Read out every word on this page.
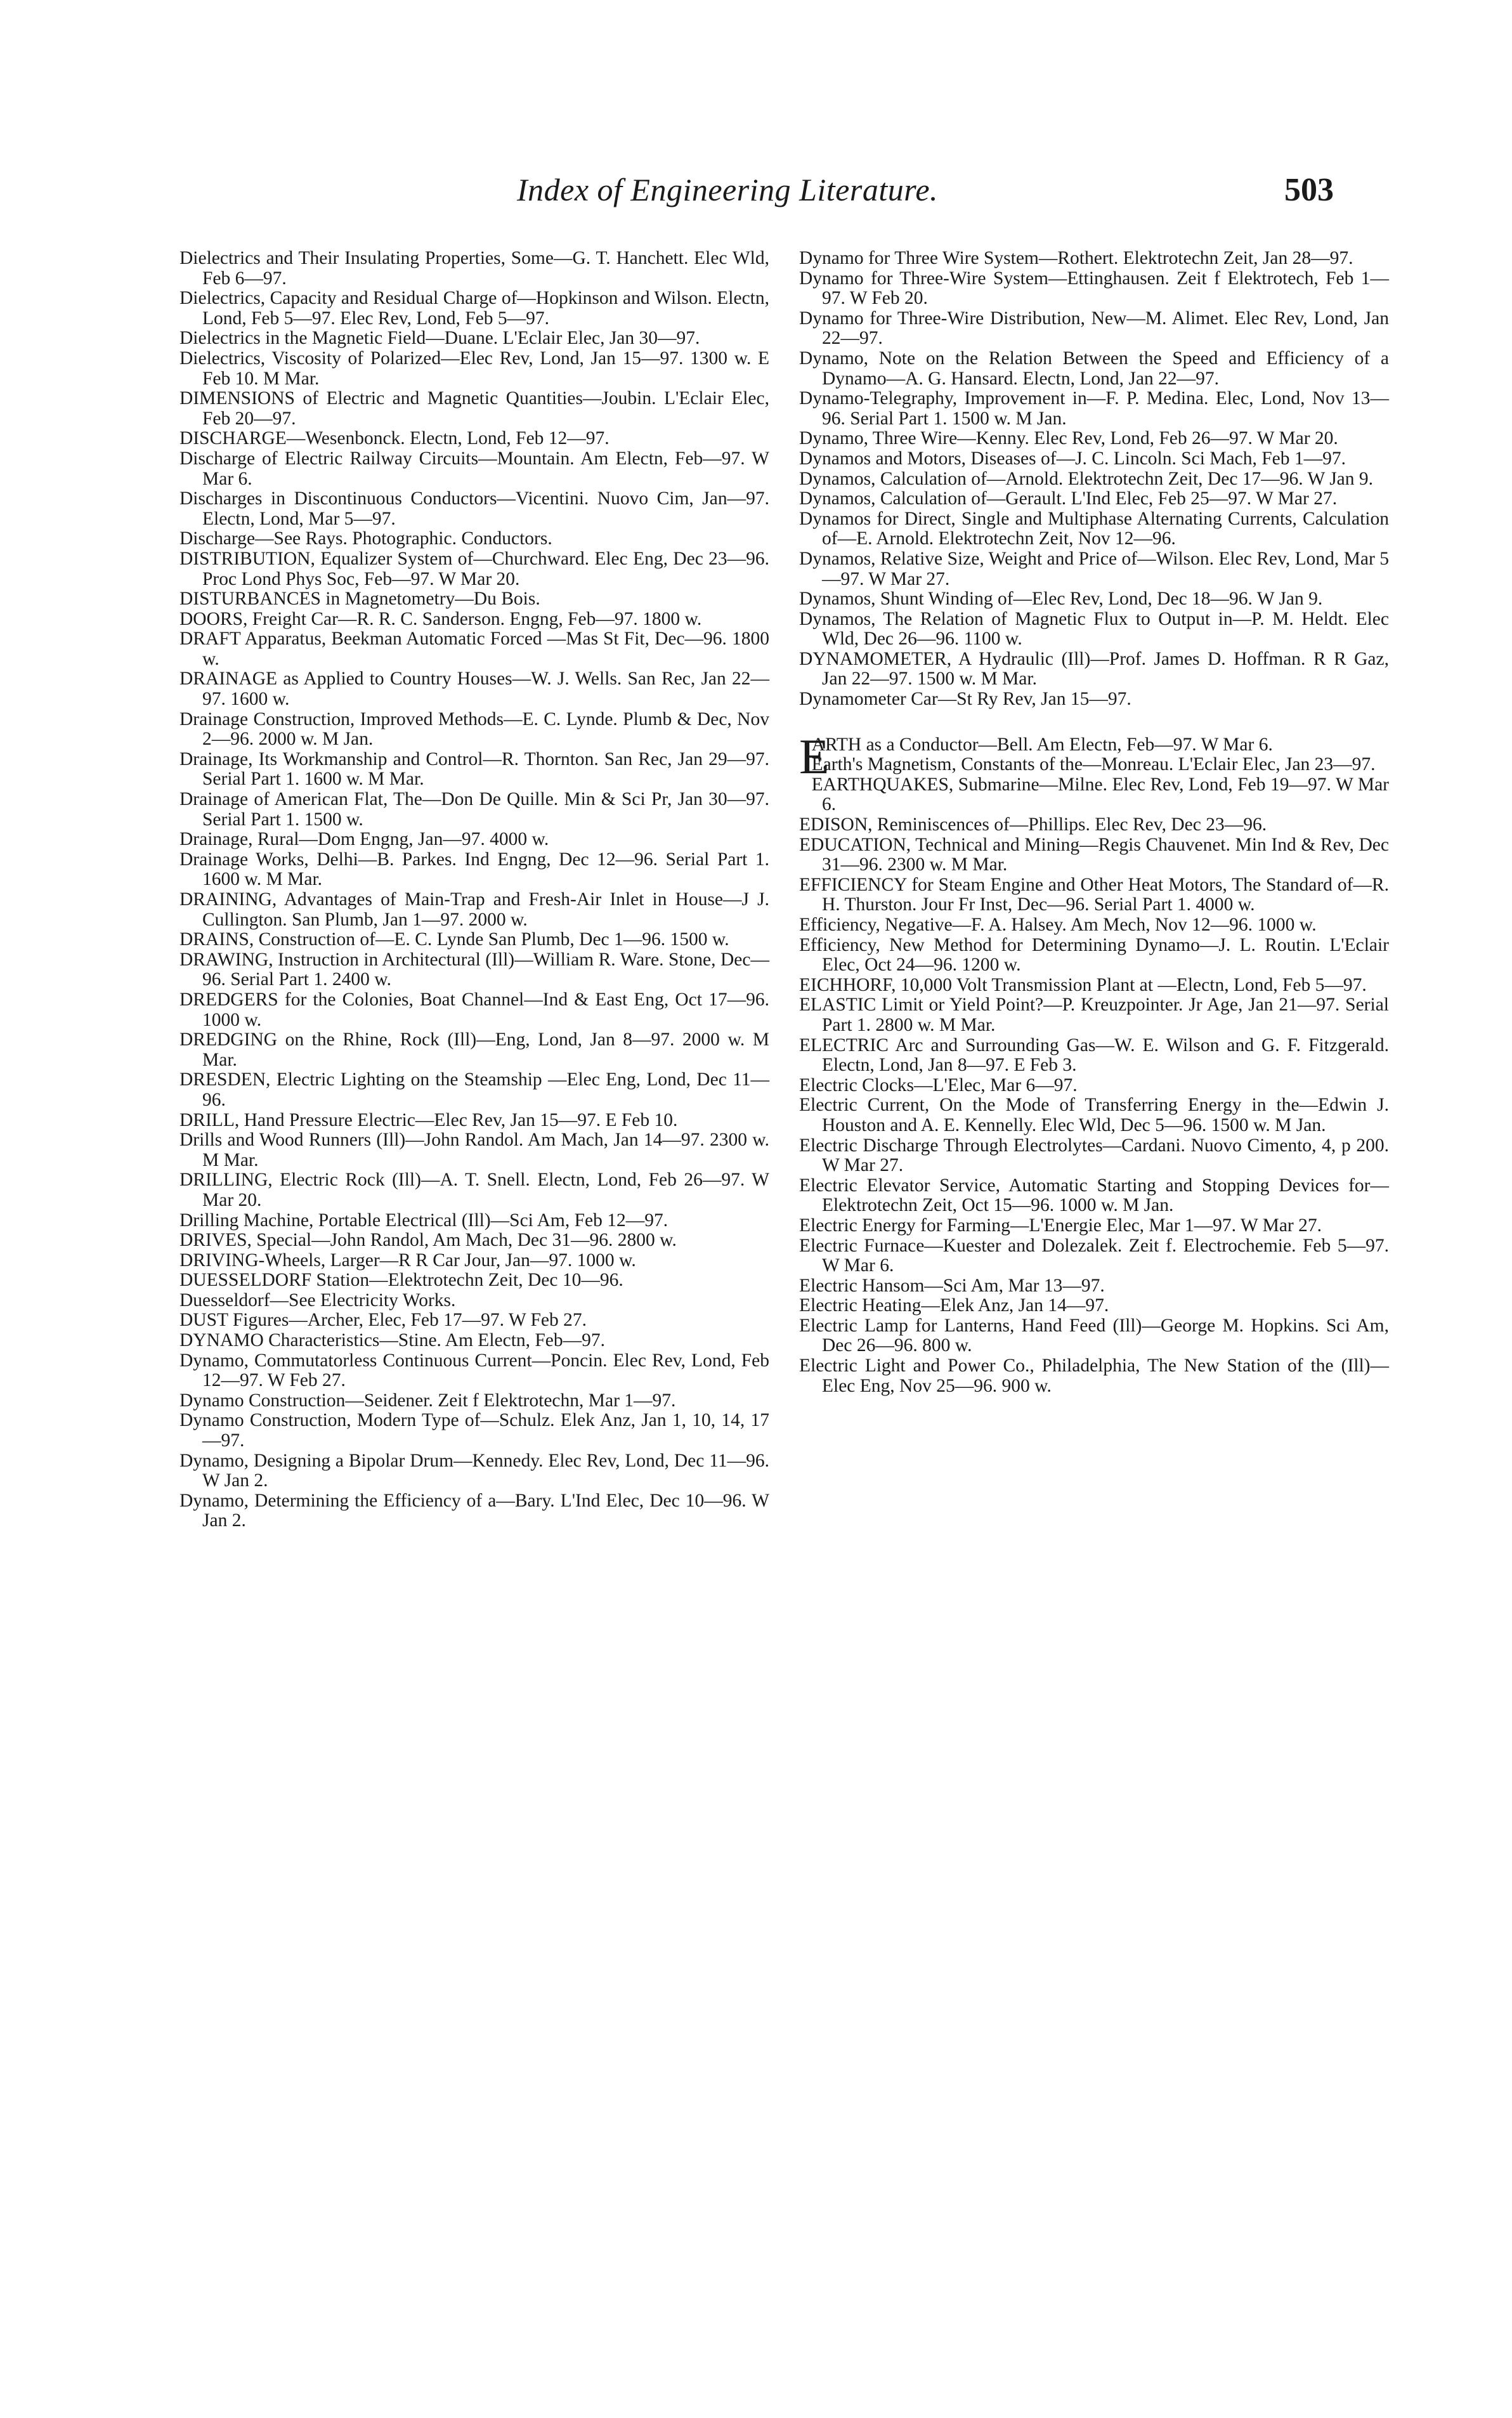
Index of Engineering Literature.	503

Dielectrics and Their Insulating Properties, Some—G. T. Hanchett. Elec Wld, Feb 6—97.

Dielectrics, Capacity and Residual Charge of—Hopkinson and Wilson. Electn, Lond, Feb 5—97. Elec Rev, Lond, Feb 5—97.

Dielectrics in the Magnetic Field—Duane. L'Eclair Elec, Jan 30—97.

Dielectrics, Viscosity of Polarized—Elec Rev, Lond, Jan 15—97. 1300 w. E Feb 10. M Mar.

DIMENSIONS of Electric and Magnetic Quantities—Joubin. L'Eclair Elec, Feb 20—97.

DISCHARGE—Wesenbonck. Electn, Lond, Feb 12—97.

Discharge of Electric Railway Circuits—Mountain. Am Electn, Feb—97. W Mar 6.

Discharges in Discontinuous Conductors—Vicentini. Nuovo Cim, Jan—97. Electn, Lond, Mar 5—97.

Discharge—See Rays. Photographic. Conductors.

DISTRIBUTION, Equalizer System of—Churchward. Elec Eng, Dec 23—96. Proc Lond Phys Soc, Feb—97. W Mar 20.

DISTURBANCES in Magnetometry—Du Bois.

DOORS, Freight Car—R. R. C. Sanderson. Engng, Feb—97. 1800 w.

DRAFT Apparatus, Beekman Automatic Forced —Mas St Fit, Dec—96. 1800 w.

DRAINAGE as Applied to Country Houses—W. J. Wells. San Rec, Jan 22—97. 1600 w.

Drainage Construction, Improved Methods—E. C. Lynde. Plumb & Dec, Nov 2—96. 2000 w. M Jan.

Drainage, Its Workmanship and Control—R. Thornton. San Rec, Jan 29—97. Serial Part 1. 1600 w. M Mar.

Drainage of American Flat, The—Don De Quille. Min & Sci Pr, Jan 30—97. Serial Part 1. 1500 w.

Drainage, Rural—Dom Engng, Jan—97. 4000 w.

Drainage Works, Delhi—B. Parkes. Ind Engng, Dec 12—96. Serial Part 1. 1600 w. M Mar.

DRAINING, Advantages of Main-Trap and Fresh-Air Inlet in House—J J. Cullington. San Plumb, Jan 1—97. 2000 w.

DRAINS, Construction of—E. C. Lynde San Plumb, Dec 1—96. 1500 w.

DRAWING, Instruction in Architectural (Ill)—William R. Ware. Stone, Dec—96. Serial Part 1. 2400 w.

DREDGERS for the Colonies, Boat Channel—Ind & East Eng, Oct 17—96. 1000 w.

DREDGING on the Rhine, Rock (Ill)—Eng, Lond, Jan 8—97. 2000 w. M Mar.

DRESDEN, Electric Lighting on the Steamship —Elec Eng, Lond, Dec 11—96.

DRILL, Hand Pressure Electric—Elec Rev, Jan 15—97. E Feb 10.

Drills and Wood Runners (Ill)—John Randol. Am Mach, Jan 14—97. 2300 w. M Mar.

DRILLING, Electric Rock (Ill)—A. T. Snell. Electn, Lond, Feb 26—97. W Mar 20.

Drilling Machine, Portable Electrical (Ill)—Sci Am, Feb 12—97.

DRIVES, Special—John Randol, Am Mach, Dec 31—96. 2800 w.

DRIVING-Wheels, Larger—R R Car Jour, Jan—97. 1000 w.

DUESSELDORF Station—Elektrotechn Zeit, Dec 10—96.

Duesseldorf—See Electricity Works.

DUST Figures—Archer, Elec, Feb 17—97. W Feb 27.

DYNAMO Characteristics—Stine. Am Electn, Feb—97.

Dynamo, Commutatorless Continuous Current—Poncin. Elec Rev, Lond, Feb 12—97. W Feb 27.

Dynamo Construction—Seidener. Zeit f Elektrotechn, Mar 1—97.

Dynamo Construction, Modern Type of—Schulz. Elek Anz, Jan 1, 10, 14, 17—97.

Dynamo, Designing a Bipolar Drum—Kennedy. Elec Rev, Lond, Dec 11—96. W Jan 2.

Dynamo, Determining the Efficiency of a—Bary. L'Ind Elec, Dec 10—96. W Jan 2.

Dynamo for Three Wire System—Rothert. Elektrotechn Zeit, Jan 28—97.

Dynamo for Three-Wire System—Ettinghausen. Zeit f Elektrotech, Feb 1—97. W Feb 20.

Dynamo for Three-Wire Distribution, New—M. Alimet. Elec Rev, Lond, Jan 22—97.

Dynamo, Note on the Relation Between the Speed and Efficiency of a Dynamo—A. G. Hansard. Electn, Lond, Jan 22—97.

Dynamo-Telegraphy, Improvement in—F. P. Medina. Elec, Lond, Nov 13—96. Serial Part 1. 1500 w. M Jan.

Dynamo, Three Wire—Kenny. Elec Rev, Lond, Feb 26—97. W Mar 20.

Dynamos and Motors, Diseases of—J. C. Lincoln. Sci Mach, Feb 1—97.

Dynamos, Calculation of—Arnold. Elektrotechn Zeit, Dec 17—96. W Jan 9.

Dynamos, Calculation of—Gerault. L'Ind Elec, Feb 25—97. W Mar 27.

Dynamos for Direct, Single and Multiphase Alternating Currents, Calculation of—E. Arnold. Elektrotechn Zeit, Nov 12—96.

Dynamos, Relative Size, Weight and Price of—Wilson. Elec Rev, Lond, Mar 5—97. W Mar 27.

Dynamos, Shunt Winding of—Elec Rev, Lond, Dec 18—96. W Jan 9.

Dynamos, The Relation of Magnetic Flux to Output in—P. M. Heldt. Elec Wld, Dec 26—96. 1100 w.

DYNAMOMETER, A Hydraulic (Ill)—Prof. James D. Hoffman. R R Gaz, Jan 22—97. 1500 w. M Mar.

Dynamometer Car—St Ry Rev, Jan 15—97.

E
ARTH as a Conductor—Bell. Am Electn, Feb—97. W Mar 6.

Earth's Magnetism, Constants of the—Monreau. L'Eclair Elec, Jan 23—97.

EARTHQUAKES, Submarine—Milne. Elec Rev, Lond, Feb 19—97. W Mar 6.

EDISON, Reminiscences of—Phillips. Elec Rev, Dec 23—96.

EDUCATION, Technical and Mining—Regis Chauvenet. Min Ind & Rev, Dec 31—96. 2300 w. M Mar.

EFFICIENCY for Steam Engine and Other Heat Motors, The Standard of—R. H. Thurston. Jour Fr Inst, Dec—96. Serial Part 1. 4000 w.

Efficiency, Negative—F. A. Halsey. Am Mech, Nov 12—96. 1000 w.

Efficiency, New Method for Determining Dynamo—J. L. Routin. L'Eclair Elec, Oct 24—96. 1200 w.

EICHHORF, 10,000 Volt Transmission Plant at —Electn, Lond, Feb 5—97.

ELASTIC Limit or Yield Point?—P. Kreuzpointer. Jr Age, Jan 21—97. Serial Part 1. 2800 w. M Mar.

ELECTRIC Arc and Surrounding Gas—W. E. Wilson and G. F. Fitzgerald. Electn, Lond, Jan 8—97. E Feb 3.

Electric Clocks—L'Elec, Mar 6—97.

Electric Current, On the Mode of Transferring Energy in the—Edwin J. Houston and A. E. Kennelly. Elec Wld, Dec 5—96. 1500 w. M Jan.

Electric Discharge Through Electrolytes—Cardani. Nuovo Cimento, 4, p 200. W Mar 27.

Electric Elevator Service, Automatic Starting and Stopping Devices for—Elektrotechn Zeit, Oct 15—96. 1000 w. M Jan.

Electric Energy for Farming—L'Energie Elec, Mar 1—97. W Mar 27.

Electric Furnace—Kuester and Dolezalek. Zeit f. Electrochemie. Feb 5—97. W Mar 6.

Electric Hansom—Sci Am, Mar 13—97.

Electric Heating—Elek Anz, Jan 14—97.

Electric Lamp for Lanterns, Hand Feed (Ill)—George M. Hopkins. Sci Am, Dec 26—96. 800 w.

Electric Light and Power Co., Philadelphia, The New Station of the (Ill)—Elec Eng, Nov 25—96. 900 w.
